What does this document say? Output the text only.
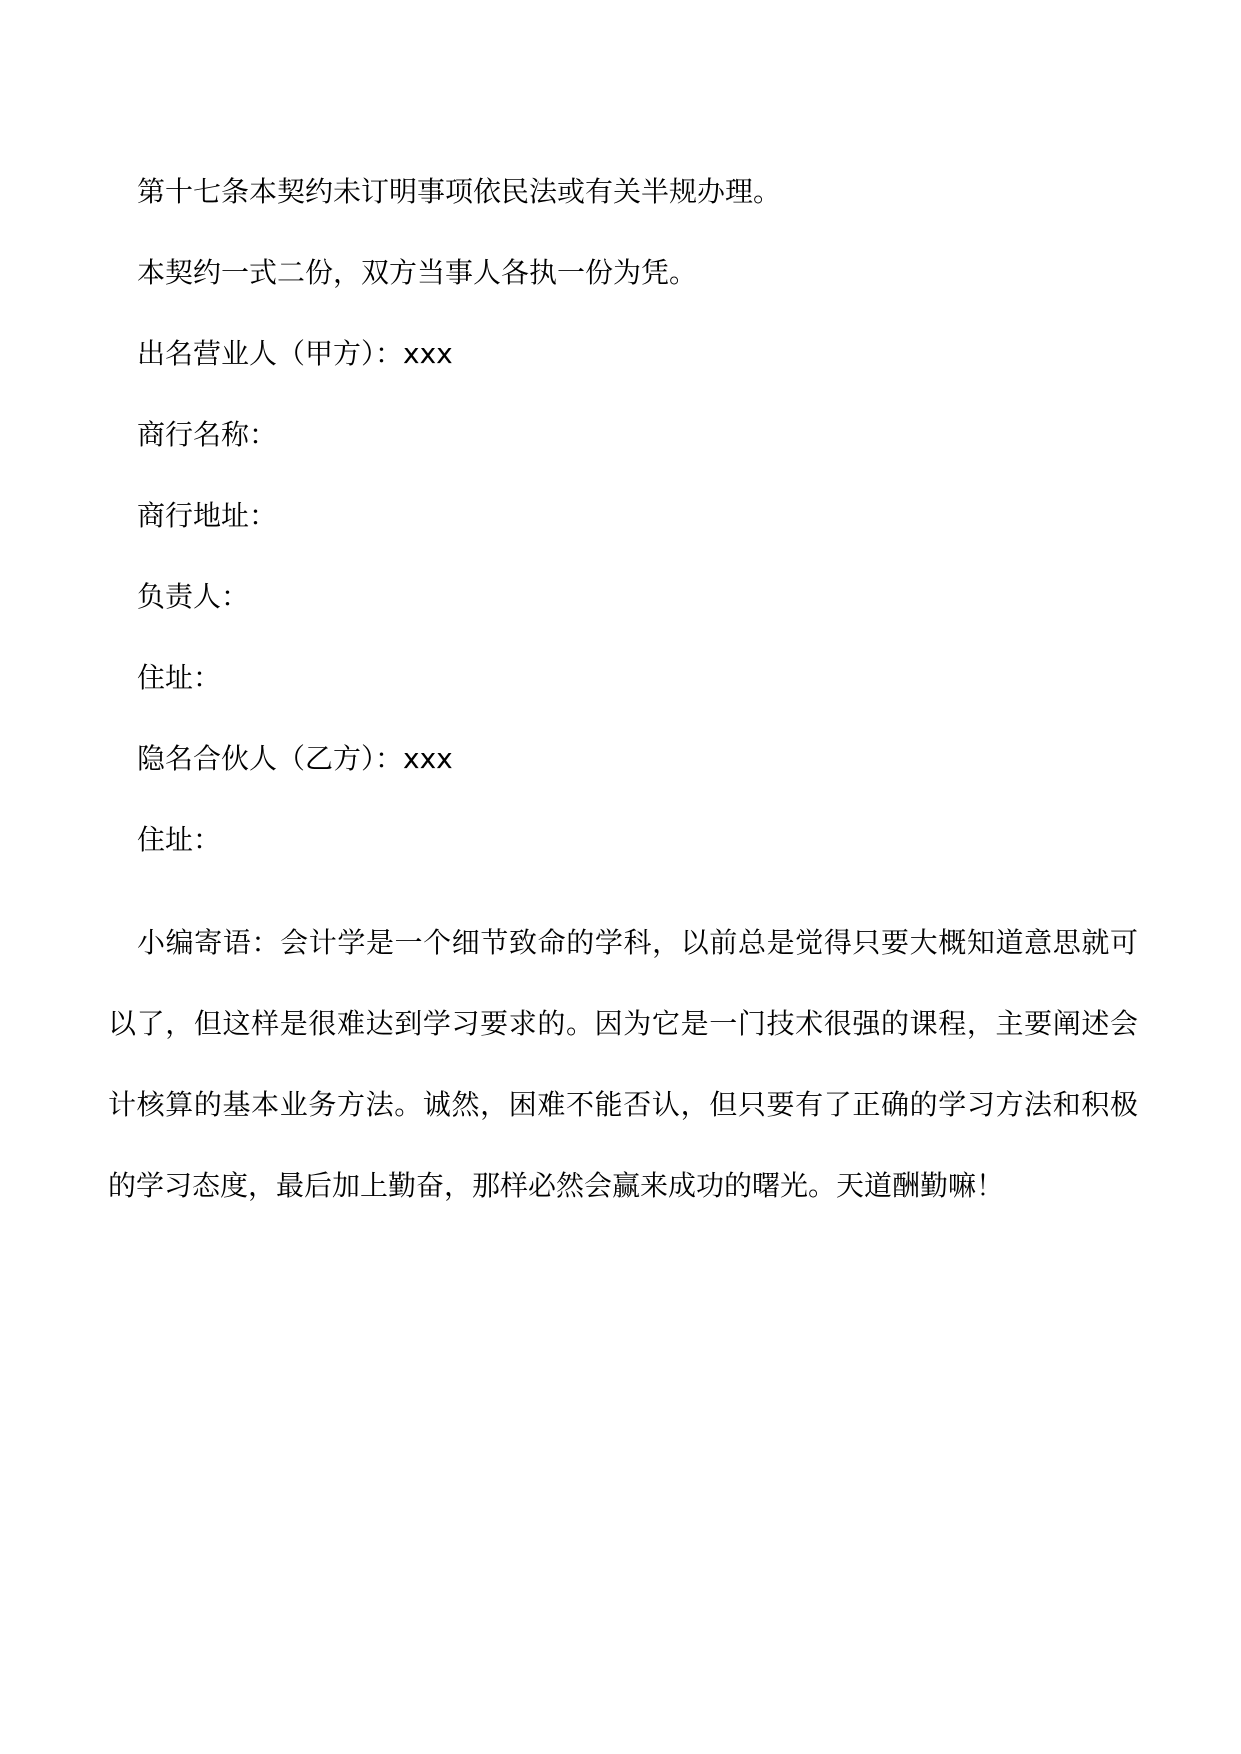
第十七条本契约未订明事项依民法或有关半规办理。

本契约一式二份，双方当事人各执一份为凭。

出名营业人（甲方）：xxx

商行名称：

商行地址：

负责人：

住址：

隐名合伙人（乙方）：xxx

住址：

小编寄语：会计学是一个细节致命的学科，以前总是觉得只要大概知道意思就可以了，但这样是很难达到学习要求的。因为它是一门技术很强的课程，主要阐述会计核算的基本业务方法。诚然，困难不能否认，但只要有了正确的学习方法和积极的学习态度，最后加上勤奋，那样必然会赢来成功的曙光。天道酬勤嘛！
